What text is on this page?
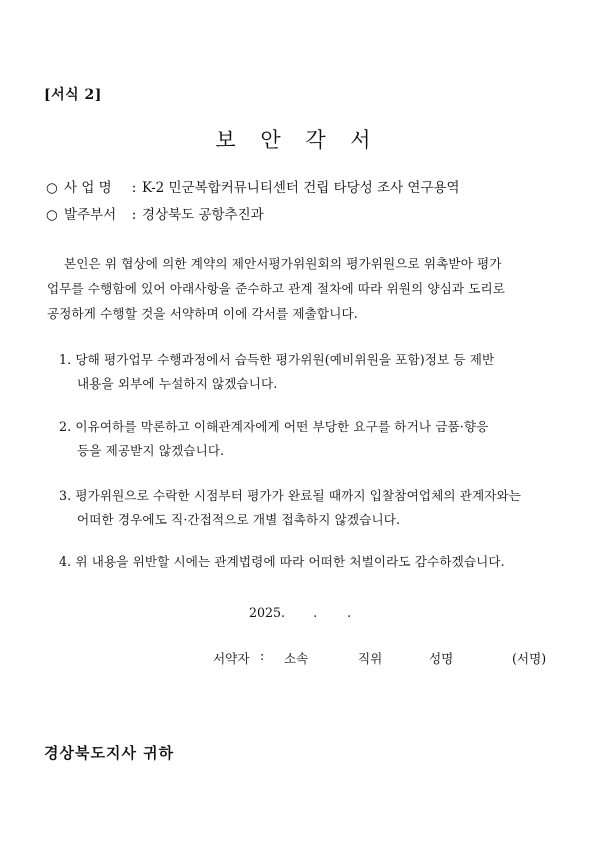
[서식 2]
보 안 각 서
○ 사 업 명 : K-2 민군복합커뮤니티센터 건립 타당성 조사 연구용역
○ 발주부서 : 경상북도 공항추진과
본인은 위 협상에 의한 계약의 제안서평가위원회의 평가위원으로 위촉받아 평가
업무를 수행함에 있어 아래사항을 준수하고 관계 절차에 따라 위원의 양심과 도리로
공정하게 수행할 것을 서약하며 이에 각서를 제출합니다.
1. 당해 평가업무 수행과정에서 습득한 평가위원(예비위원을 포함)정보 등 제반
내용을 외부에 누설하지 않겠습니다.
2. 이유여하를 막론하고 이해관계자에게 어떤 부당한 요구를 하거나 금품·향응
등을 제공받지 않겠습니다.
3. 평가위원으로 수락한 시점부터 평가가 완료될 때까지 입찰참여업체의 관계자와는
어떠한 경우에도 직·간접적으로 개별 접촉하지 않겠습니다.
4. 위 내용을 위반할 시에는 관계법령에 따라 어떠한 처벌이라도 감수하겠습니다.
2025. . .
서약자 : 소속	직위	성명	(서명)
경상북도지사 귀하
